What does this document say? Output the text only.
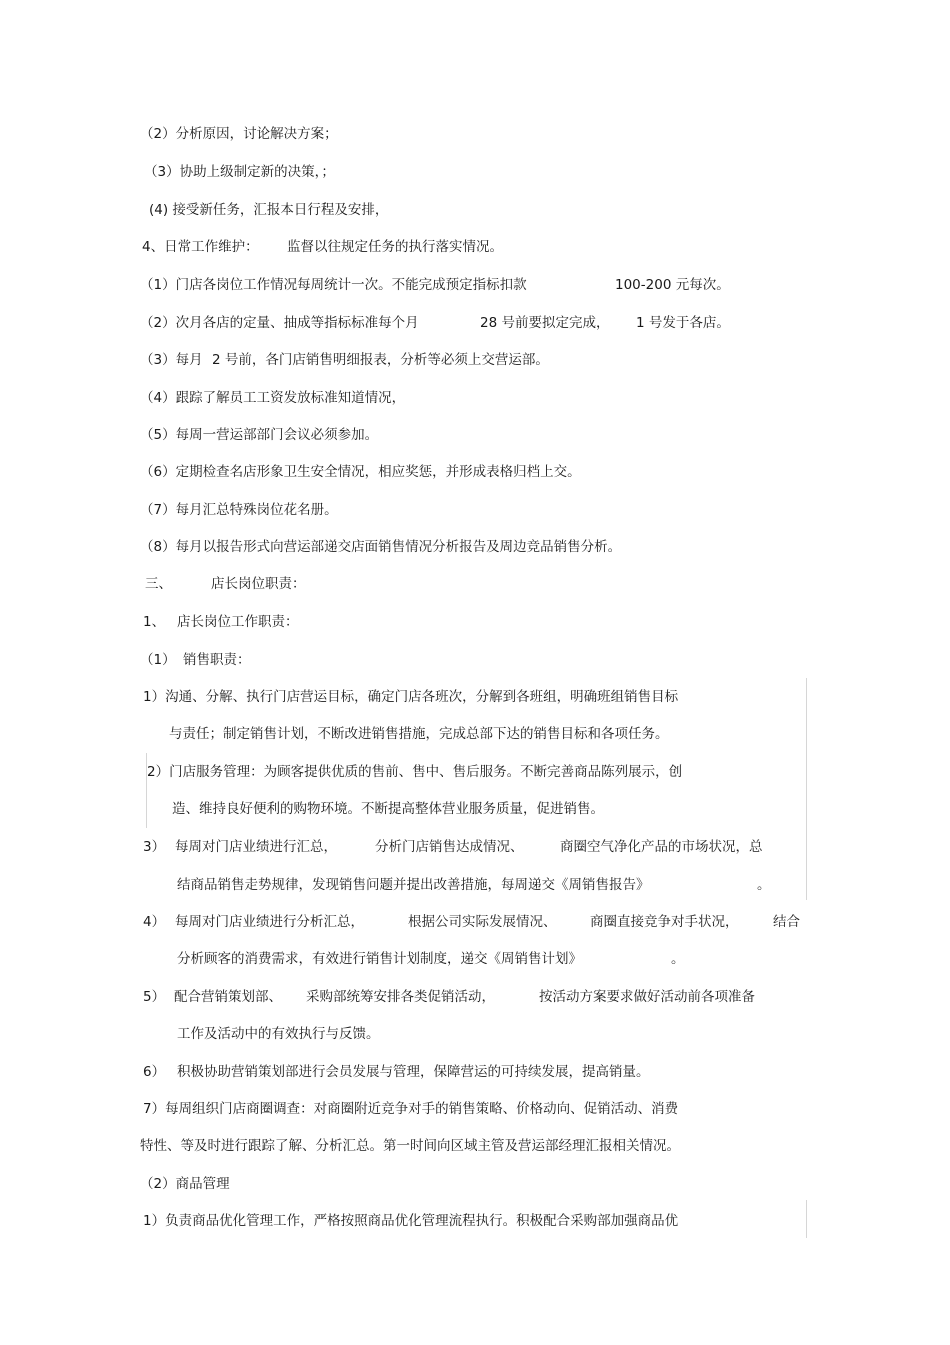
（2）分析原因，讨论解决方案；
（3）协助上级制定新的决策，；
(4) 接受新任务，汇报本日行程及安排，
4、日常工作维护： 监督以往规定任务的执行落实情况。
（1）门店各岗位工作情况每周统计一次。不能完成预定指标扣款	100-200 元每次。
（2）次月各店的定量、抽成等指标标准每个月	28 号前要拟定完成， 1 号发于各店。
（3）每月 2 号前，各门店销售明细报表，分析等必须上交营运部。
（4）跟踪了解员工工资发放标准知道情况，
（5）每周一营运部部门会议必须参加。
（6）定期检查名店形象卫生安全情况，相应奖惩，并形成表格归档上交。
（7）每月汇总特殊岗位花名册。
（8）每月以报告形式向营运部递交店面销售情况分析报告及周边竞品销售分析。
三、	店长岗位职责：
1、 店长岗位工作职责：
（1） 销售职责：
1）沟通、分解、执行门店营运目标，确定门店各班次，分解到各班组，明确班组销售目标
与责任；制定销售计划，不断改进销售措施，完成总部下达的销售目标和各项任务。
2）门店服务管理：为顾客提供优质的售前、售中、售后服务。不断完善商品陈列展示，创
造、维持良好便利的购物环境。不断提高整体营业服务质量，促进销售。
3） 每周对门店业绩进行汇总，	分析门店销售达成情况、	商圈空气净化产品的市场状况，总
结商品销售走势规律，发现销售问题并提出改善措施，每周递交《周销售报告》	。
4） 每周对门店业绩进行分析汇总，	根据公司实际发展情况、 商圈直接竞争对手状况，	结合
分析顾客的消费需求，有效进行销售计划制度，递交《周销售计划》	。
5） 配合营销策划部、 采购部统筹安排各类促销活动，	按活动方案要求做好活动前各项准备
工作及活动中的有效执行与反馈。
6） 积极协助营销策划部进行会员发展与管理，保障营运的可持续发展，提高销量。
7）每周组织门店商圈调查：对商圈附近竞争对手的销售策略、价格动向、促销活动、消费
特性、等及时进行跟踪了解、分析汇总。第一时间向区域主管及营运部经理汇报相关情况。
（2）商品管理
1）负责商品优化管理工作，严格按照商品优化管理流程执行。积极配合采购部加强商品优
